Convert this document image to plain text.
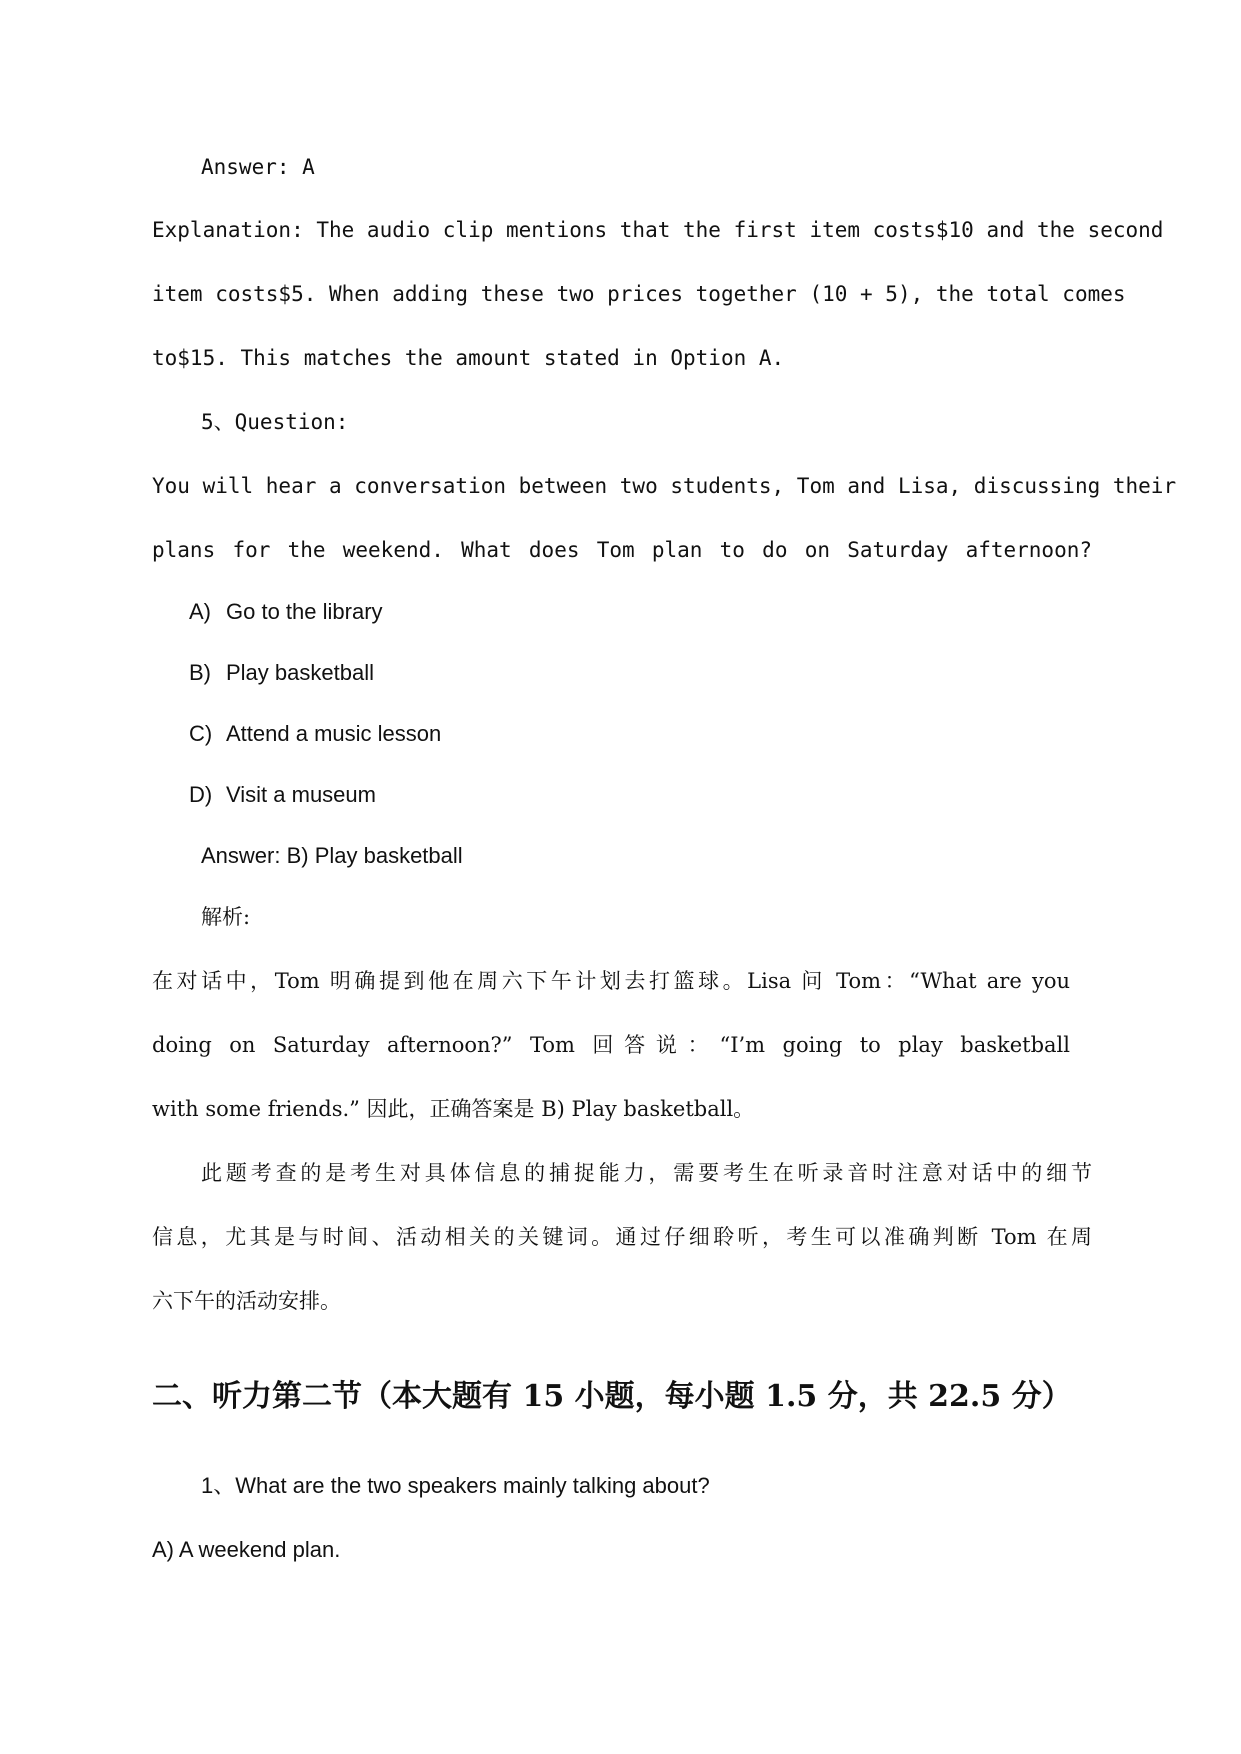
Answer: A
Explanation: The audio clip mentions that the first item costs$10 and the second
item costs$5. When adding these two prices together (10 + 5), the total comes
to$15. This matches the amount stated in Option A.
5、Question:
You will hear a conversation between two students, Tom and Lisa, discussing their
plans for the weekend. What does Tom plan to do on Saturday afternoon?
A) Go to the library
B) Play basketball
C) Attend a music lesson
D) Visit a museum
Answer: B) Play basketball
解析:
在对话中，Tom 明确提到他在周六下午计划去打篮球。Lisa 问 Tom：“What are you
doing on Saturday afternoon?” Tom 回答说：“I’m going to play basketball
with some friends.” 因此，正确答案是 B) Play basketball。
此题考查的是考生对具体信息的捕捉能力，需要考生在听录音时注意对话中的细节
信息，尤其是与时间、活动相关的关键词。通过仔细聆听，考生可以准确判断 Tom 在周
六下午的活动安排。
二、听力第二节（本大题有 15 小题，每小题 1.5 分，共 22.5 分）
1、What are the two speakers mainly talking about?
A) A weekend plan.
